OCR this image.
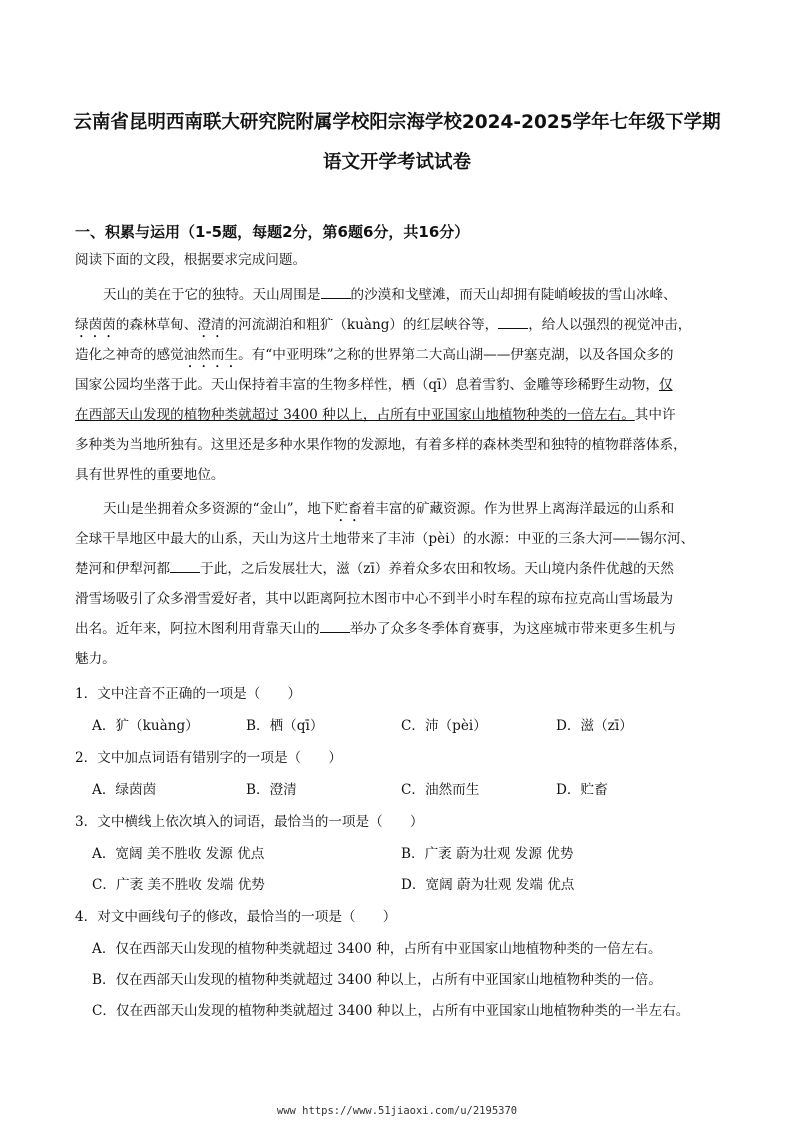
云南省昆明西南联大研究院附属学校阳宗海学校2024-2025学年七年级下学期
语文开学考试试卷
一、积累与运用（1-5题，每题2分，第6题6分，共16分）
阅读下面的文段，根据要求完成问题。
天山的美在于它的独特。天山周围是 的沙漠和戈壁滩，而天山却拥有陡峭峻拔的雪山冰峰、
绿茵茵的森林草甸、澄清的河流湖泊和粗犷（kuàng）的红层峡谷等， ，给人以强烈的视觉冲击，
造化之神奇的感觉油然而生。有“中亚明珠”之称的世界第二大高山湖——伊塞克湖，以及各国众多的
国家公园均坐落于此。天山保持着丰富的生物多样性，栖（qī）息着雪豹、金雕等珍稀野生动物，仅
在西部天山发现的植物种类就超过 3400 种以上，占所有中亚国家山地植物种类的一倍左右。其中许
多种类为当地所独有。这里还是多种水果作物的发源地，有着多样的森林类型和独特的植物群落体系，
具有世界性的重要地位。
天山是坐拥着众多资源的“金山”，地下贮畜着丰富的矿藏资源。作为世界上离海洋最远的山系和
全球干旱地区中最大的山系，天山为这片土地带来了丰沛（pèi）的水源：中亚的三条大河——锡尔河、
楚河和伊犁河都 于此，之后发展壮大，滋（zī）养着众多农田和牧场。天山境内条件优越的天然
滑雪场吸引了众多滑雪爱好者，其中以距离阿拉木图市中心不到半小时车程的琼布拉克高山雪场最为
出名。近年来，阿拉木图利用背靠天山的 举办了众多冬季体育赛事，为这座城市带来更多生机与
魅力。
1．文中注音不正确的一项是（　　）
A．犷（kuàng）	B．栖（qī）	C．沛（pèi）	D．滋（zī）
2．文中加点词语有错别字的一项是（　　）
A．绿茵茵	B．澄清	C．油然而生	D．贮畜
3．文中横线上依次填入的词语，最恰当的一项是（　　）
A．宽阔 美不胜收 发源 优点	B．广袤 蔚为壮观 发源 优势
C．广袤 美不胜收 发端 优势	D．宽阔 蔚为壮观 发端 优点
4．对文中画线句子的修改，最恰当的一项是（　　）
A．仅在西部天山发现的植物种类就超过 3400 种，占所有中亚国家山地植物种类的一倍左右。
B．仅在西部天山发现的植物种类就超过 3400 种以上，占所有中亚国家山地植物种类的一倍。
C．仅在西部天山发现的植物种类就超过 3400 种以上，占所有中亚国家山地植物种类的一半左右。
www https://www.51jiaoxi.com/u/2195370
